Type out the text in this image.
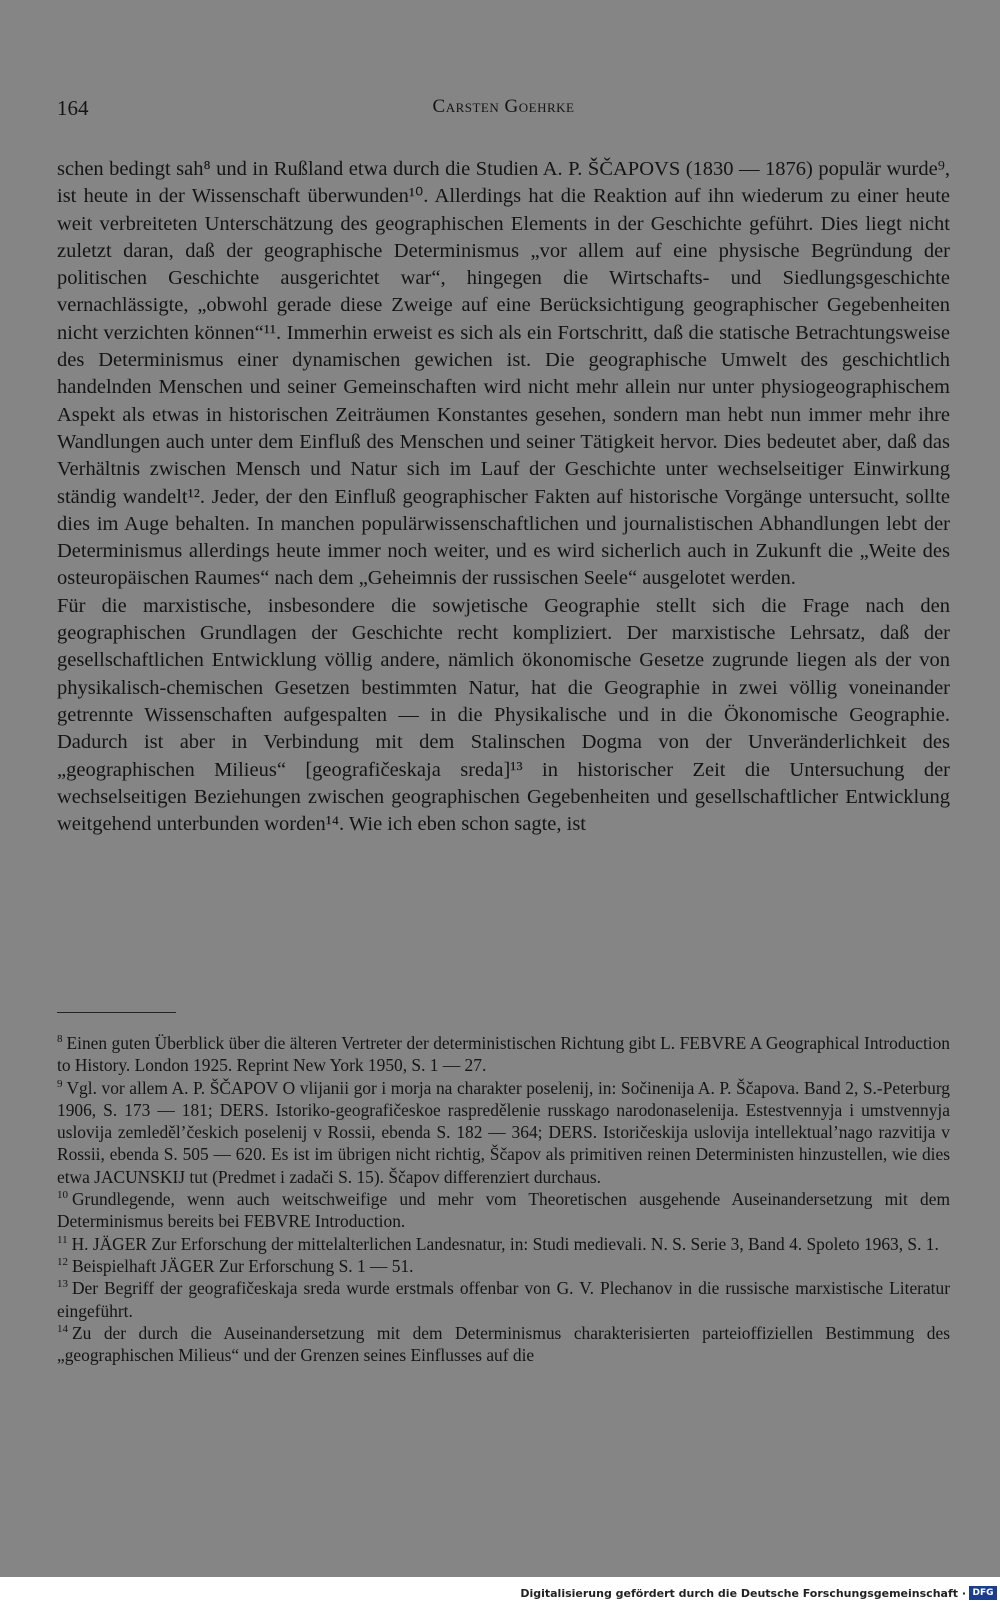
164	Carsten Goehrke

schen bedingt sah⁸ und in Rußland etwa durch die Studien A. P. ŠČAPOVS (1830 — 1876) populär wurde⁹, ist heute in der Wissenschaft überwunden¹⁰. Allerdings hat die Reaktion auf ihn wiederum zu einer heute weit verbreiteten Unterschätzung des geographischen Elements in der Geschichte geführt. Dies liegt nicht zuletzt daran, daß der geographische Determinismus „vor allem auf eine physische Begründung der politischen Geschichte ausgerichtet war“, hingegen die Wirtschafts- und Siedlungsgeschichte vernachlässigte, „obwohl gerade diese Zweige auf eine Berücksichtigung geographischer Gegebenheiten nicht verzichten können“¹¹. Immerhin erweist es sich als ein Fortschritt, daß die statische Betrachtungsweise des Determinismus einer dynamischen gewichen ist. Die geographische Umwelt des geschichtlich handelnden Menschen und seiner Gemeinschaften wird nicht mehr allein nur unter physiogeographischem Aspekt als etwas in historischen Zeiträumen Konstantes gesehen, sondern man hebt nun immer mehr ihre Wandlungen auch unter dem Einfluß des Menschen und seiner Tätigkeit hervor. Dies bedeutet aber, daß das Verhältnis zwischen Mensch und Natur sich im Lauf der Geschichte unter wechselseitiger Einwirkung ständig wandelt¹². Jeder, der den Einfluß geographischer Fakten auf historische Vorgänge untersucht, sollte dies im Auge behalten. In manchen populärwissenschaftlichen und journalistischen Abhandlungen lebt der Determinismus allerdings heute immer noch weiter, und es wird sicherlich auch in Zukunft die „Weite des osteuropäischen Raumes“ nach dem „Geheimnis der russischen Seele“ ausgelotet werden.

Für die marxistische, insbesondere die sowjetische Geographie stellt sich die Frage nach den geographischen Grundlagen der Geschichte recht kompliziert. Der marxistische Lehrsatz, daß der gesellschaftlichen Entwicklung völlig andere, nämlich ökonomische Gesetze zugrunde liegen als der von physikalisch-chemischen Gesetzen bestimmten Natur, hat die Geographie in zwei völlig voneinander getrennte Wissenschaften aufgespalten — in die Physikalische und in die Ökonomische Geographie. Dadurch ist aber in Verbindung mit dem Stalinschen Dogma von der Unveränderlichkeit des „geographischen Milieus“ [geografičeskaja sreda]¹³ in historischer Zeit die Untersuchung der wechselseitigen Beziehungen zwischen geographischen Gegebenheiten und gesellschaftlicher Entwicklung weitgehend unterbunden worden¹⁴. Wie ich eben schon sagte, ist

$^8$ Einen guten Überblick über die älteren Vertreter der deterministischen Richtung gibt L. FEBVRE A Geographical Introduction to History. London 1925. Reprint New York 1950, S. 1 — 27.

$^9$ Vgl. vor allem A. P. ŠČAPOV O vlijanii gor i morja na charakter poselenij, in: Sočinenija A. P. Ščapova. Band 2, S.-Peterburg 1906, S. 173 — 181; DERS. Istoriko-geografičeskoe raspredělenie russkago narodonaselenija. Estestvennyja i umstvennyja uslovija zemleděl’českich poselenij v Rossii, ebenda S. 182 — 364; DERS. Istoričeskija uslovija intellektual’nago razvitija v Rossii, ebenda S. 505 — 620. Es ist im übrigen nicht richtig, Ščapov als primitiven reinen Deterministen hinzustellen, wie dies etwa JACUNSKIJ tut (Predmet i zadači S. 15). Ščapov differenziert durchaus.

$^{10}$ Grundlegende, wenn auch weitschweifige und mehr vom Theoretischen ausgehende Auseinandersetzung mit dem Determinismus bereits bei FEBVRE Introduction.

$^{11}$ H. JÄGER Zur Erforschung der mittelalterlichen Landesnatur, in: Studi medievali. N. S. Serie 3, Band 4. Spoleto 1963, S. 1.

$^{12}$ Beispielhaft JÄGER Zur Erforschung S. 1 — 51.

$^{13}$ Der Begriff der geografičeskaja sreda wurde erstmals offenbar von G. V. Plechanov in die russische marxistische Literatur eingeführt.

$^{14}$ Zu der durch die Auseinandersetzung mit dem Determinismus charakterisierten parteioffiziellen Bestimmung des „geographischen Milieus“ und der Grenzen seines Einflusses auf die

Digitalisierung gefördert durch die Deutsche Forschungsgemeinschaft · DFG
